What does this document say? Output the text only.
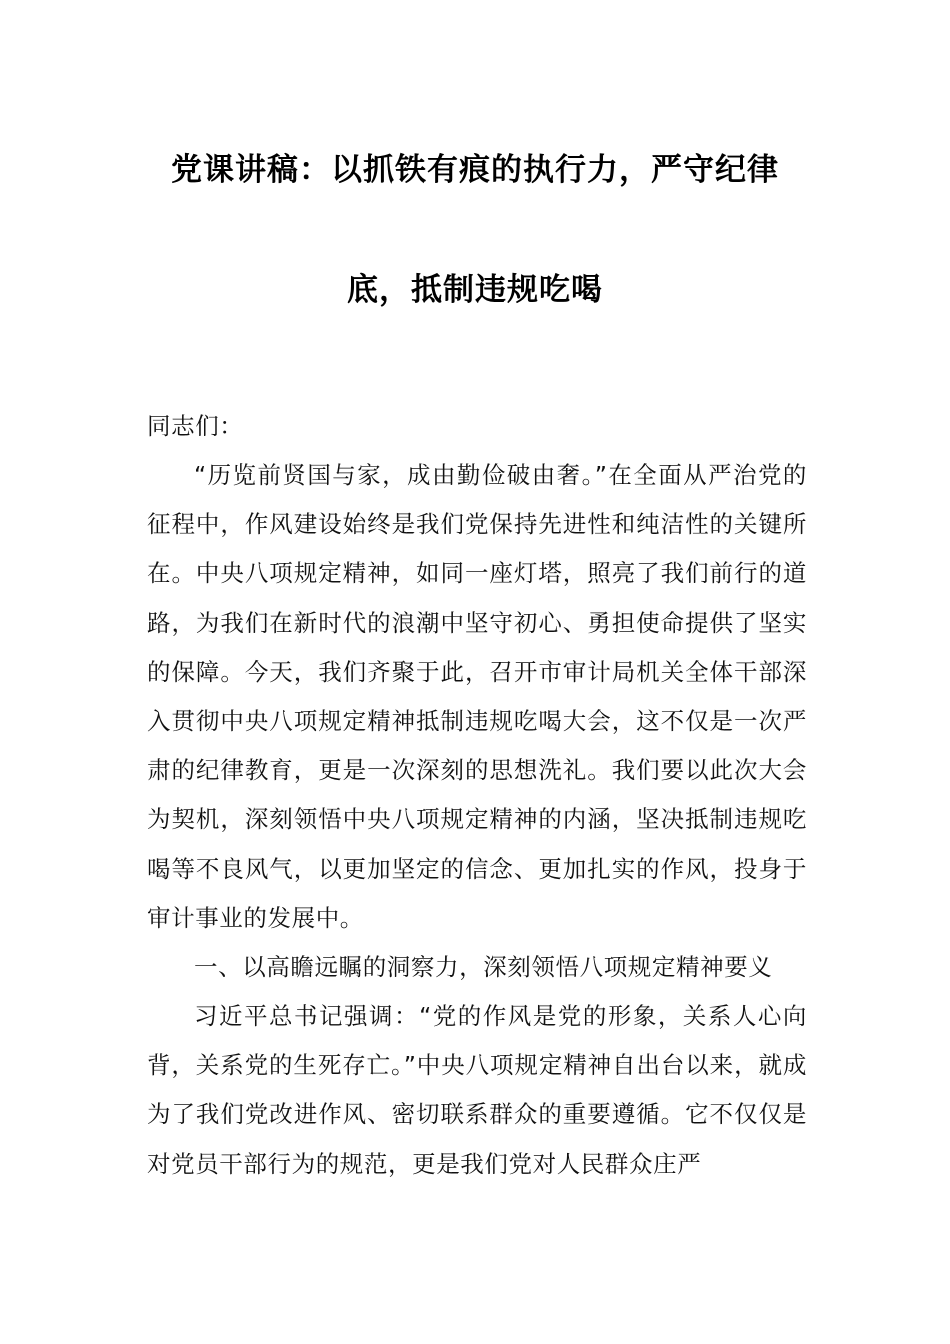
党课讲稿：以抓铁有痕的执行力，严守纪律
底，抵制违规吃喝

同志们：

“历览前贤国与家，成由勤俭破由奢。”在全面从严治党的征程中，作风建设始终是我们党保持先进性和纯洁性的关键所在。中央八项规定精神，如同一座灯塔，照亮了我们前行的道路，为我们在新时代的浪潮中坚守初心、勇担使命提供了坚实的保障。今天，我们齐聚于此，召开市审计局机关全体干部深入贯彻中央八项规定精神抵制违规吃喝大会，这不仅是一次严肃的纪律教育，更是一次深刻的思想洗礼。我们要以此次大会为契机，深刻领悟中央八项规定精神的内涵，坚决抵制违规吃喝等不良风气，以更加坚定的信念、更加扎实的作风，投身于审计事业的发展中。

一、以高瞻远瞩的洞察力，深刻领悟八项规定精神要义

习近平总书记强调：“党的作风是党的形象，关系人心向背，关系党的生死存亡。”中央八项规定精神自出台以来，就成为了我们党改进作风、密切联系群众的重要遵循。它不仅仅是对党员干部行为的规范，更是我们党对人民群众庄严
